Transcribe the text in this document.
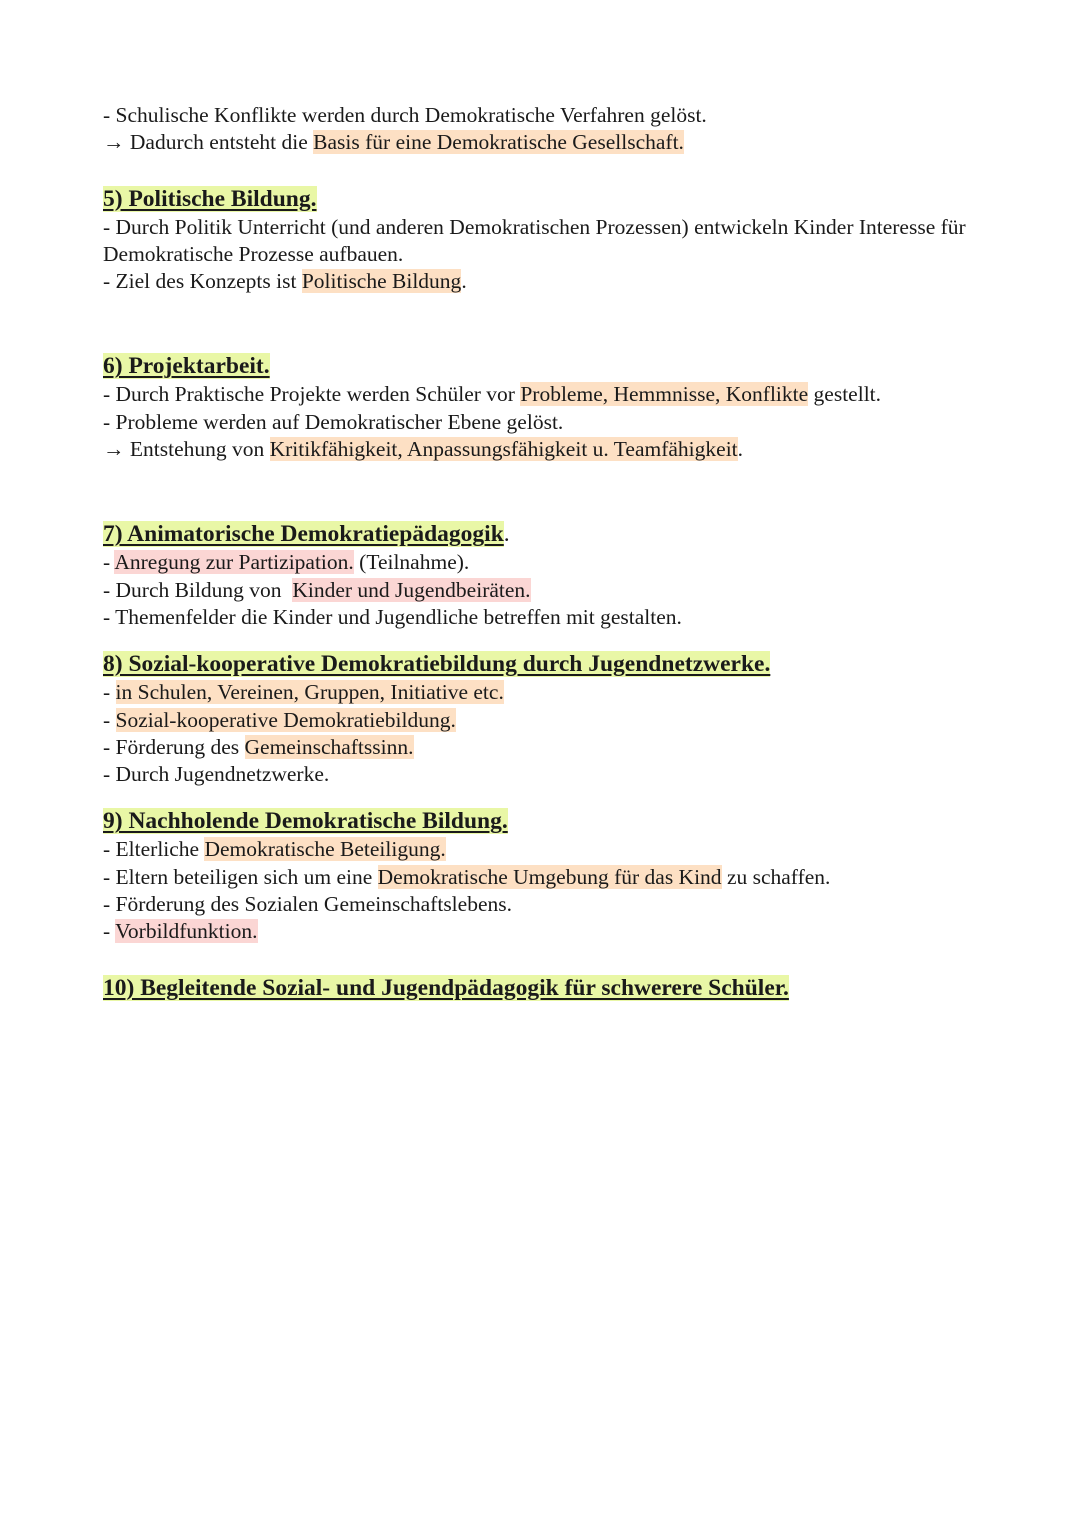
- Schulische Konflikte werden durch Demokratische Verfahren gelöst.
→ Dadurch entsteht die Basis für eine Demokratische Gesellschaft.
5) Politische Bildung.
- Durch Politik Unterricht (und anderen Demokratischen Prozessen) entwickeln Kinder Interesse für Demokratische Prozesse aufbauen.
- Ziel des Konzepts ist Politische Bildung.
6) Projektarbeit.
- Durch Praktische Projekte werden Schüler vor Probleme, Hemmnisse, Konflikte gestellt.
- Probleme werden auf Demokratischer Ebene gelöst.
→ Entstehung von Kritikfähigkeit, Anpassungsfähigkeit u. Teamfähigkeit.
7) Animatorische Demokratiepädagogik.
- Anregung zur Partizipation. (Teilnahme).
- Durch Bildung von  Kinder und Jugendbeiräten.
- Themenfelder die Kinder und Jugendliche betreffen mit gestalten.
8) Sozial-kooperative Demokratiebildung durch Jugendnetzwerke.
- in Schulen, Vereinen, Gruppen, Initiative etc.
- Sozial-kooperative Demokratiebildung.
- Förderung des Gemeinschaftssinn.
- Durch Jugendnetzwerke.
9) Nachholende Demokratische Bildung.
- Elterliche Demokratische Beteiligung.
- Eltern beteiligen sich um eine Demokratische Umgebung für das Kind zu schaffen.
- Förderung des Sozialen Gemeinschaftslebens.
- Vorbildfunktion.
10) Begleitende Sozial- und Jugendpädagogik für schwerere Schüler.
